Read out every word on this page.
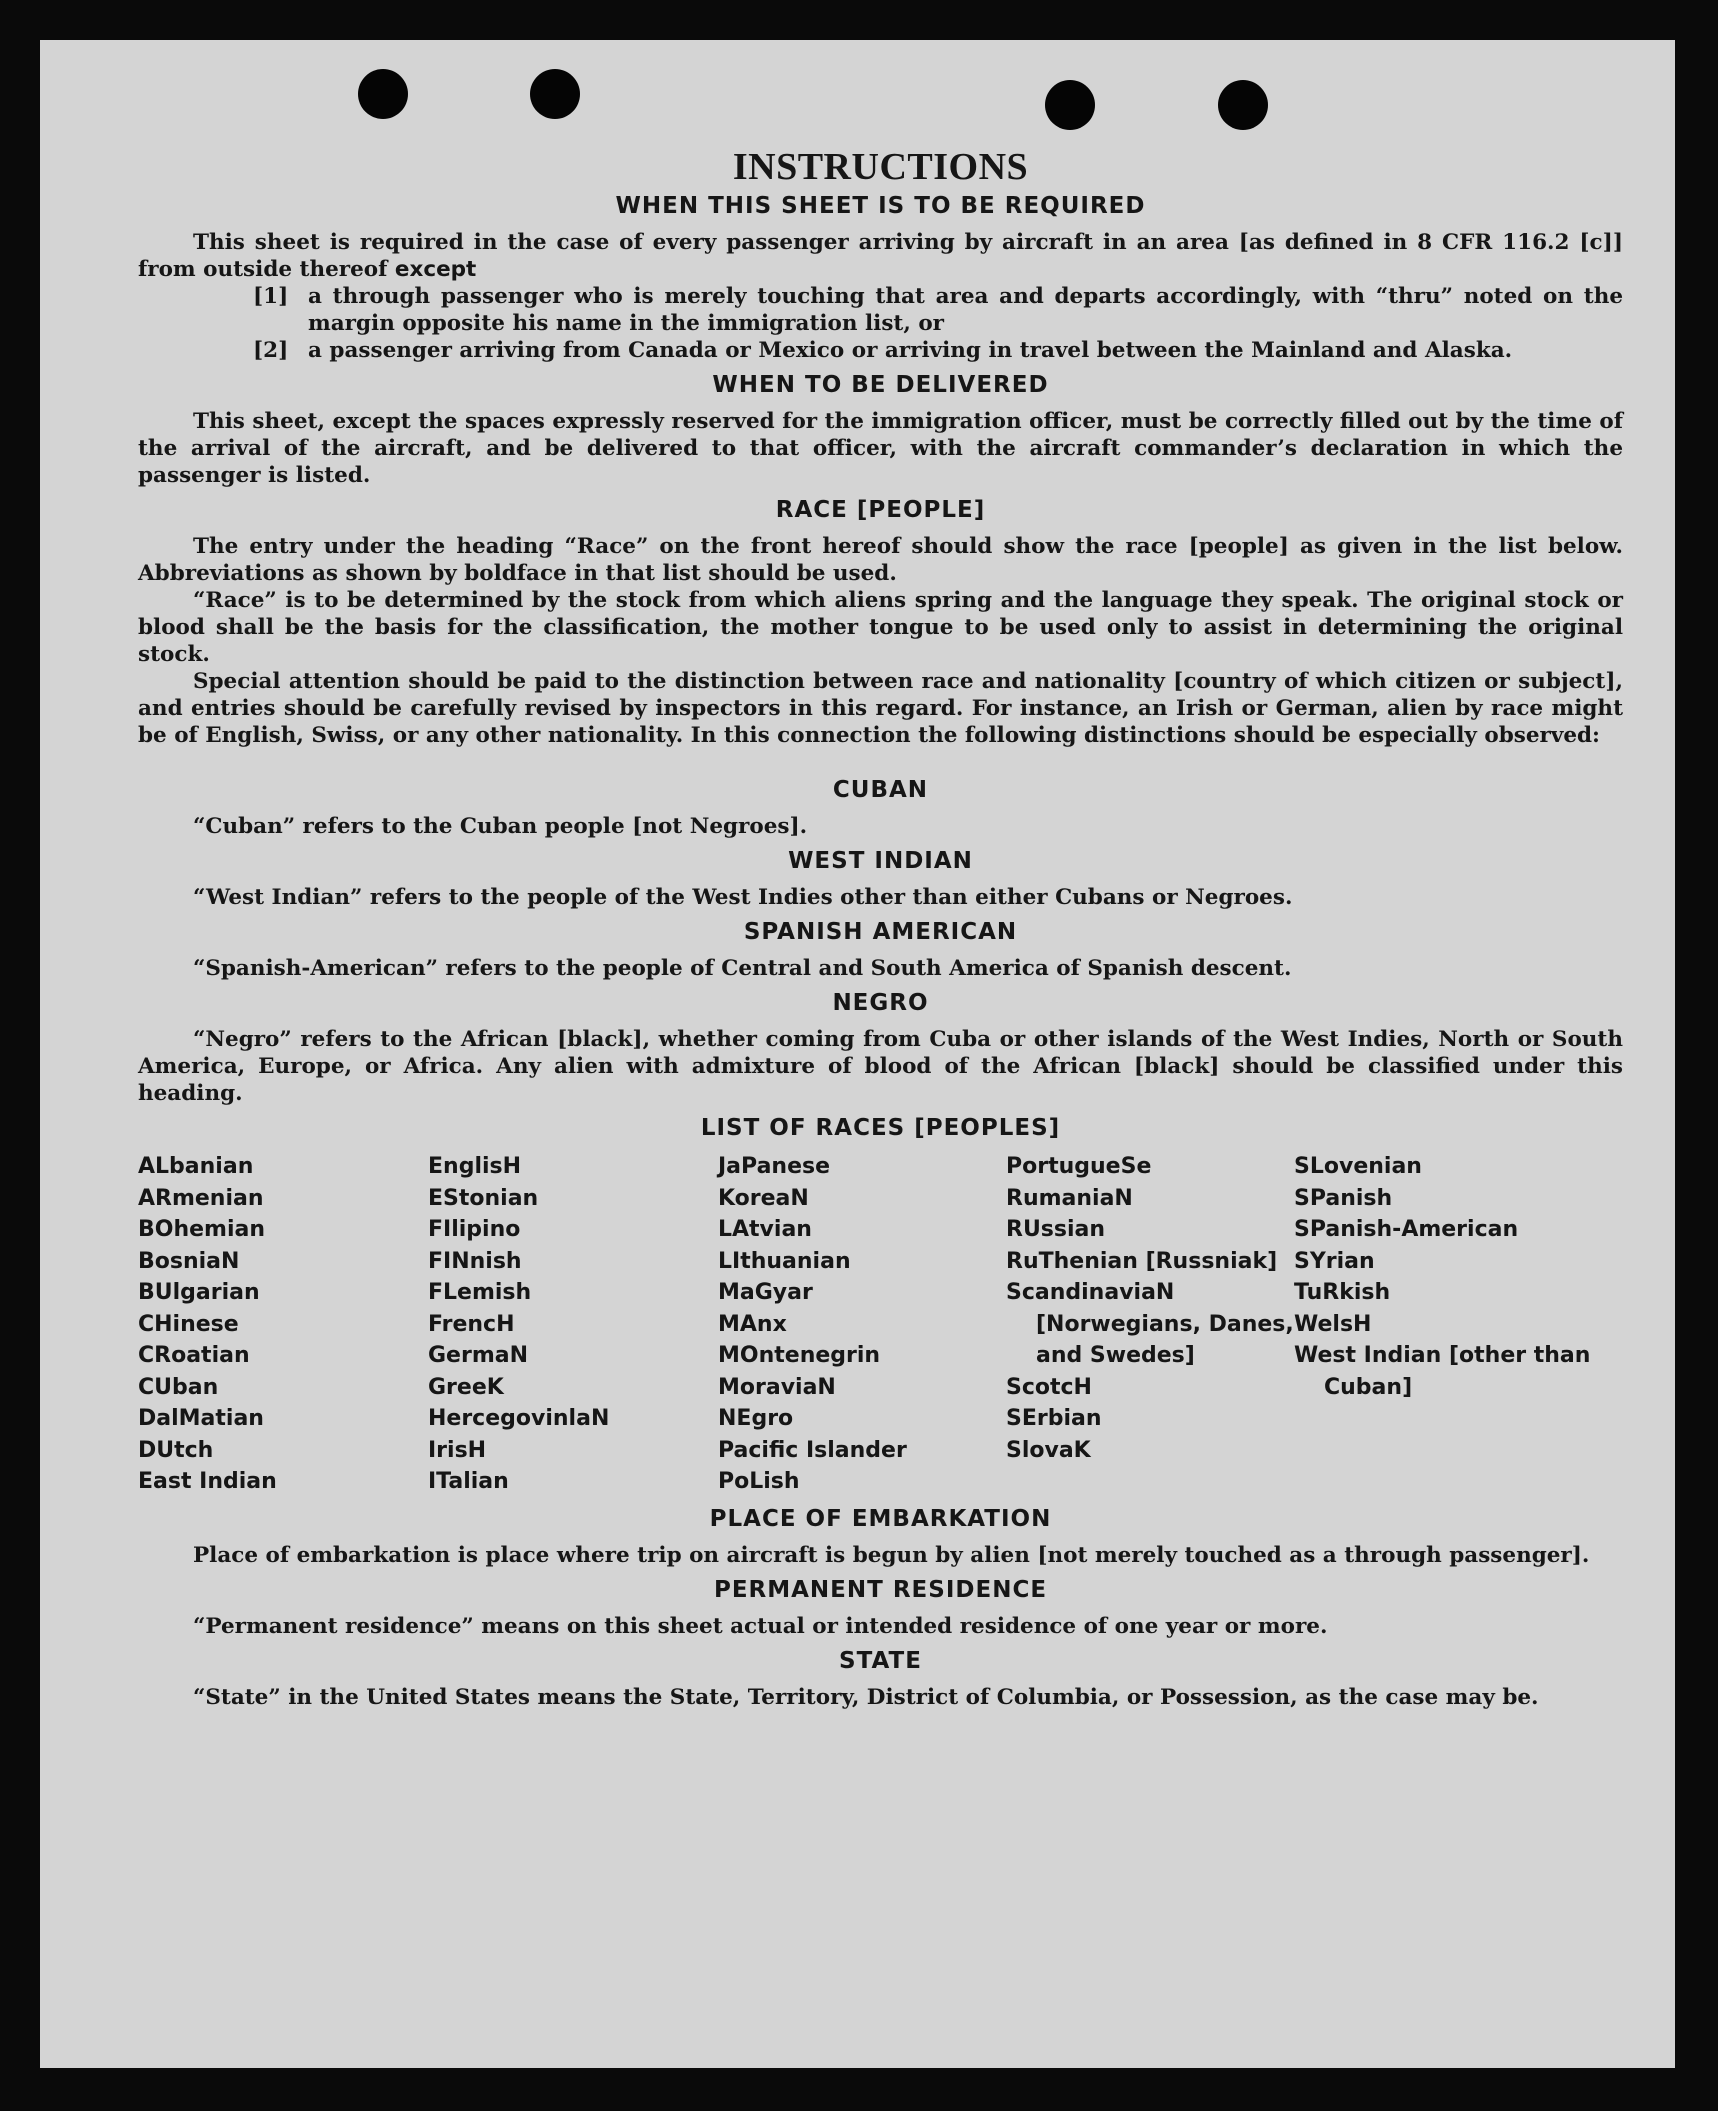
INSTRUCTIONS
WHEN THIS SHEET IS TO BE REQUIRED

This sheet is required in the case of every passenger arriving by aircraft in an area [as defined in 8 CFR 116.2 [c]] from outside thereof except

[1] a through passenger who is merely touching that area and departs accordingly, with “thru” noted on the margin opposite his name in the immigration list, or
[2] a passenger arriving from Canada or Mexico or arriving in travel between the Mainland and Alaska.
WHEN TO BE DELIVERED

This sheet, except the spaces expressly reserved for the immigration officer, must be correctly filled out by the time of the arrival of the aircraft, and be delivered to that officer, with the aircraft commander’s declaration in which the passenger is listed.

RACE [PEOPLE]

The entry under the heading “Race” on the front hereof should show the race [people] as given in the list below. Abbreviations as shown by boldface in that list should be used.

“Race” is to be determined by the stock from which aliens spring and the language they speak. The original stock or blood shall be the basis for the classification, the mother tongue to be used only to assist in determining the original stock.

Special attention should be paid to the distinction between race and nationality [country of which citizen or subject], and entries should be carefully revised by inspectors in this regard. For instance, an Irish or German, alien by race might be of English, Swiss, or any other nationality. In this connection the following distinctions should be especially observed:

CUBAN

“Cuban” refers to the Cuban people [not Negroes].

WEST INDIAN

“West Indian” refers to the people of the West Indies other than either Cubans or Negroes.

SPANISH AMERICAN

“Spanish-American” refers to the people of Central and South America of Spanish descent.

NEGRO

“Negro” refers to the African [black], whether coming from Cuba or other islands of the West Indies, North or South America, Europe, or Africa. Any alien with admixture of blood of the African [black] should be classified under this heading.

LIST OF RACES [PEOPLES]
ALbanian
ARmenian
BOhemian
BosniaN
BUlgarian
CHinese
CRoatian
CUban
DalMatian
DUtch
East Indian
EnglisH
EStonian
FIlipino
FINnish
FLemish
FrencH
GermaN
GreeK
HercegovinlaN
IrisH
ITalian
JaPanese
KoreaN
LAtvian
LIthuanian
MaGyar
MAnx
MOntenegrin
MoraviaN
NEgro
Pacific Islander
PoLish
PortugueSe
RumaniaN
RUssian
RuThenian [Russniak]
ScandinaviaN [Norwegians, Danes, and Swedes]
ScotcH
SErbian
SlovaK
SLovenian
SPanish
SPanish-American
SYrian
TuRkish
WelsH
West Indian [other than Cuban]
PLACE OF EMBARKATION

Place of embarkation is place where trip on aircraft is begun by alien [not merely touched as a through passenger].

PERMANENT RESIDENCE

“Permanent residence” means on this sheet actual or intended residence of one year or more.

STATE

“State” in the United States means the State, Territory, District of Columbia, or Possession, as the case may be.
